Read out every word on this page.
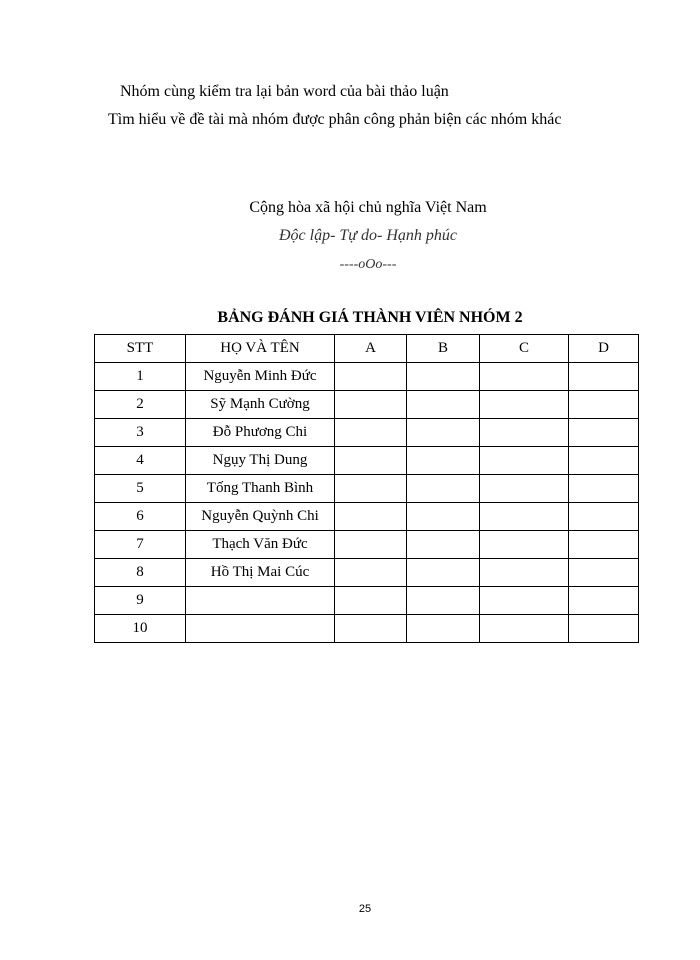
Nhóm cùng kiểm tra lại bản word của bài thảo luận
Tìm hiểu về đề tài mà nhóm được phân công phản biện các nhóm khác
Cộng hòa xã hội chủ nghĩa Việt Nam
Độc lập- Tự do- Hạnh phúc
----oOo---
BẢNG ĐÁNH GIÁ THÀNH VIÊN NHÓM 2
STT	HỌ VÀ TÊN	A	B	C	D
1	Nguyễn Minh Đức				
2	Sỹ Mạnh Cường				
3	Đỗ Phương Chi				
4	Ngụy Thị Dung				
5	Tống Thanh Bình				
6	Nguyễn Quỳnh Chi				
7	Thạch Văn Đức				
8	Hồ Thị Mai Cúc				
9					
10					
25
